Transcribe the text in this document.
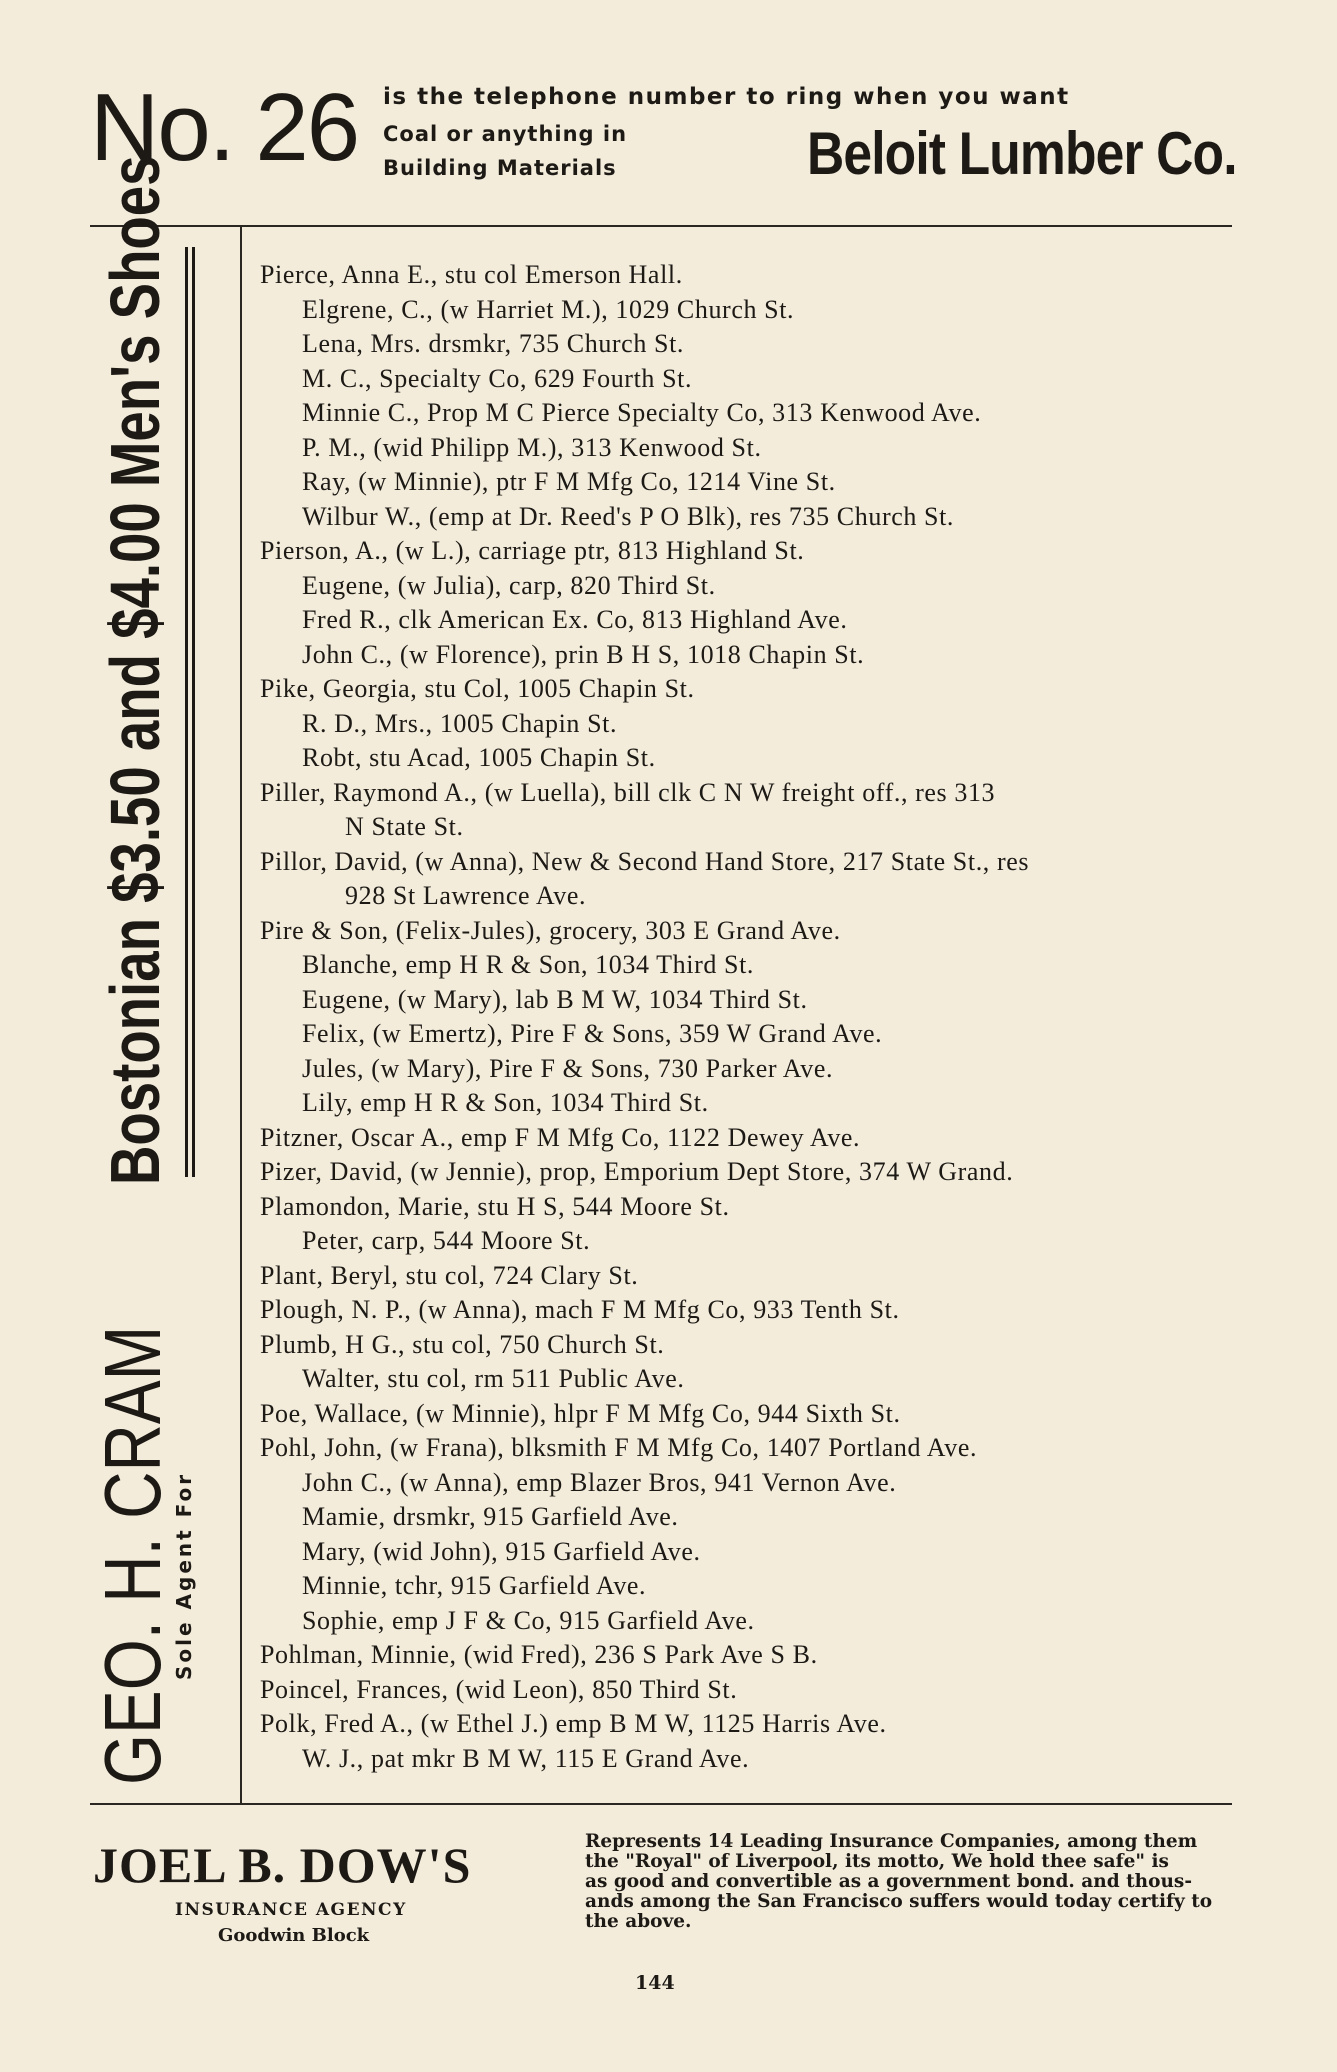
No. 26 is the telephone number to ring when you want
Coal or anything in
Building Materials	Beloit Lumber Co.
Bostonian $3.50 and $4.00 Men's Shoes
GEO. H. CRAM
Sole Agent For
Pierce, Anna E., stu col Emerson Hall.
Elgrene, C., (w Harriet M.), 1029 Church St.
Lena, Mrs. drsmkr, 735 Church St.
M. C., Specialty Co, 629 Fourth St.
Minnie C., Prop M C Pierce Specialty Co, 313 Kenwood Ave.
P. M., (wid Philipp M.), 313 Kenwood St.
Ray, (w Minnie), ptr F M Mfg Co, 1214 Vine St.
Wilbur W., (emp at Dr. Reed's P O Blk), res 735 Church St.
Pierson, A., (w L.), carriage ptr, 813 Highland St.
Eugene, (w Julia), carp, 820 Third St.
Fred R., clk American Ex. Co, 813 Highland Ave.
John C., (w Florence), prin B H S, 1018 Chapin St.
Pike, Georgia, stu Col, 1005 Chapin St.
R. D., Mrs., 1005 Chapin St.
Robt, stu Acad, 1005 Chapin St.
Piller, Raymond A., (w Luella), bill clk C N W freight off., res 313
N State St.
Pillor, David, (w Anna), New & Second Hand Store, 217 State St., res
928 St Lawrence Ave.
Pire & Son, (Felix-Jules), grocery, 303 E Grand Ave.
Blanche, emp H R & Son, 1034 Third St.
Eugene, (w Mary), lab B M W, 1034 Third St.
Felix, (w Emertz), Pire F & Sons, 359 W Grand Ave.
Jules, (w Mary), Pire F & Sons, 730 Parker Ave.
Lily, emp H R & Son, 1034 Third St.
Pitzner, Oscar A., emp F M Mfg Co, 1122 Dewey Ave.
Pizer, David, (w Jennie), prop, Emporium Dept Store, 374 W Grand.
Plamondon, Marie, stu H S, 544 Moore St.
Peter, carp, 544 Moore St.
Plant, Beryl, stu col, 724 Clary St.
Plough, N. P., (w Anna), mach F M Mfg Co, 933 Tenth St.
Plumb, H G., stu col, 750 Church St.
Walter, stu col, rm 511 Public Ave.
Poe, Wallace, (w Minnie), hlpr F M Mfg Co, 944 Sixth St.
Pohl, John, (w Frana), blksmith F M Mfg Co, 1407 Portland Ave.
John C., (w Anna), emp Blazer Bros, 941 Vernon Ave.
Mamie, drsmkr, 915 Garfield Ave.
Mary, (wid John), 915 Garfield Ave.
Minnie, tchr, 915 Garfield Ave.
Sophie, emp J F & Co, 915 Garfield Ave.
Pohlman, Minnie, (wid Fred), 236 S Park Ave S B.
Poincel, Frances, (wid Leon), 850 Third St.
Polk, Fred A., (w Ethel J.) emp B M W, 1125 Harris Ave.
W. J., pat mkr B M W, 115 E Grand Ave.
JOEL B. DOW'S
INSURANCE AGENCY
Goodwin Block

Represents 14 Leading Insurance Companies, among them

the "Royal" of Liverpool, its motto, We hold thee safe" is

as good and convertible as a government bond. and thous-

ands among the San Francisco suffers would today certify to

the above.

144
